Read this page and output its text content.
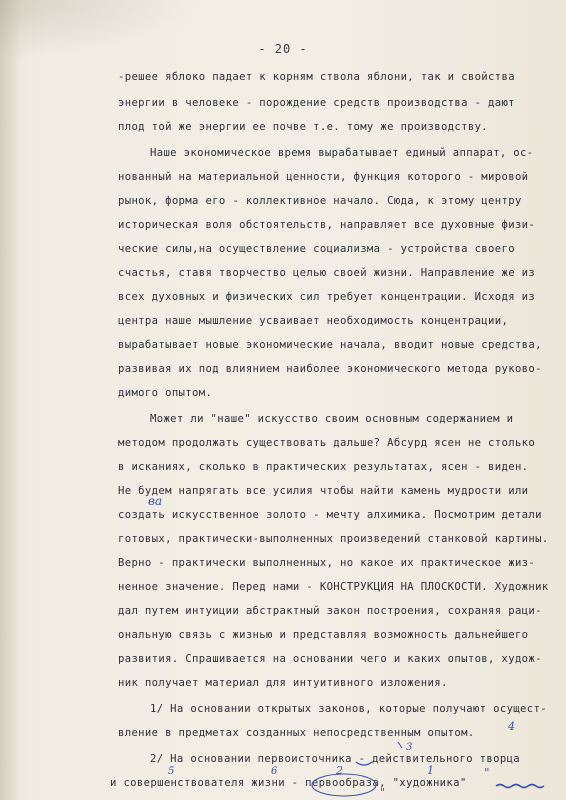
- 20 -
-решее яблоко падает к корням ствола яблони, так и свойства
энергии в человеке - порождение средств производства - дают
плод той же энергии ее почве т.е. тому же производству.
Наше экономическое время вырабатывает единый аппарат, ос-
нованный на материальной ценности, функция которого - мировой
рынок, форма его - коллективное начало. Сюда, к этому центру
историческая воля обстоятельств, направляет все духовные физи-
ческие силы,на осуществление социализма - устройства своего
счастья, ставя творчество целью своей жизни. Направление же из
всех духовных и физических сил требует концентрации. Исходя из
центра наше мышление усваивает необходимость концентрации,
вырабатывает новые экономические начала, вводит новые средства,
развивая их под влиянием наиболее экономического метода руково-
димого опытом.
Может ли "наше" искусство своим основным содержанием и
методом продолжать существовать дальше? Абсурд ясен не столько
в исканиях, сколько в практических результатах, ясен - виден.
Не будем напрягать все усилия чтобы найти камень мудрости или
создать искусственное золото - мечту алхимика. Посмотрим детали
готовых, практически-выполненных произведений станковой картины.
Верно - практически выполненных, но какое их практическое жиз-
ненное значение. Перед нами - КОНСТРУКЦИЯ НА ПЛОСКОСТИ. Художник
дал путем интуиции абстрактный закон построения, сохраняя раци-
ональную связь с жизнью и представляя возможность дальнейшего
развития. Спрашивается на основании чего и каких опытов, худож-
ник получает материал для интуитивного изложения.
1/ На основании открытых законов, которые получают осущест-
вление в предметах созданных непосредственным опытом.
2/ На основании первоисточника - действительного творца
и совершенствователя жизни - первообраза, "художника"
ва
3
4
5	6	2	1
"
"
